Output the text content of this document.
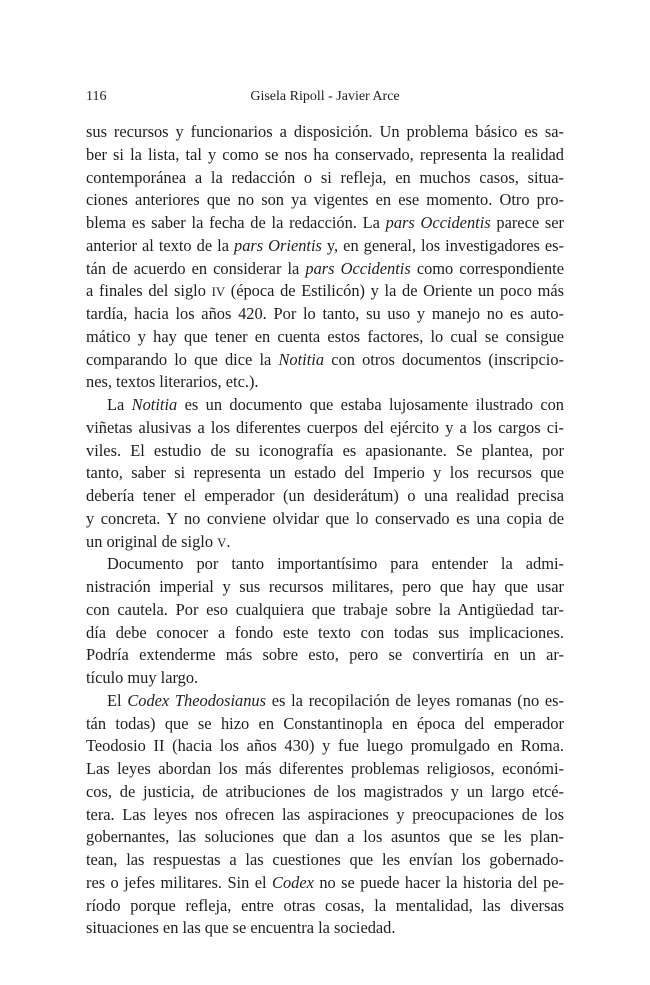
116	Gisela Ripoll - Javier Arce
sus recursos y funcionarios a disposición. Un problema básico es sa-
ber si la lista, tal y como se nos ha conservado, representa la realidad
contemporánea a la redacción o si refleja, en muchos casos, situa-
ciones anteriores que no son ya vigentes en ese momento. Otro pro-
blema es saber la fecha de la redacción. La pars Occidentis parece ser
anterior al texto de la pars Orientis y, en general, los investigadores es-
tán de acuerdo en considerar la pars Occidentis como correspondiente
a finales del siglo IV (época de Estilicón) y la de Oriente un poco más
tardía, hacia los años 420. Por lo tanto, su uso y manejo no es auto-
mático y hay que tener en cuenta estos factores, lo cual se consigue
comparando lo que dice la Notitia con otros documentos (inscripcio-
nes, textos literarios, etc.).
La Notitia es un documento que estaba lujosamente ilustrado con
viñetas alusivas a los diferentes cuerpos del ejército y a los cargos ci-
viles. El estudio de su iconografía es apasionante. Se plantea, por
tanto, saber si representa un estado del Imperio y los recursos que
debería tener el emperador (un desiderátum) o una realidad precisa
y concreta. Y no conviene olvidar que lo conservado es una copia de
un original de siglo V.
Documento por tanto importantísimo para entender la admi-
nistración imperial y sus recursos militares, pero que hay que usar
con cautela. Por eso cualquiera que trabaje sobre la Antigüedad tar-
día debe conocer a fondo este texto con todas sus implicaciones.
Podría extenderme más sobre esto, pero se convertiría en un ar-
tículo muy largo.
El Codex Theodosianus es la recopilación de leyes romanas (no es-
tán todas) que se hizo en Constantinopla en época del emperador
Teodosio II (hacia los años 430) y fue luego promulgado en Roma.
Las leyes abordan los más diferentes problemas religiosos, económi-
cos, de justicia, de atribuciones de los magistrados y un largo etcé-
tera. Las leyes nos ofrecen las aspiraciones y preocupaciones de los
gobernantes, las soluciones que dan a los asuntos que se les plan-
tean, las respuestas a las cuestiones que les envían los gobernado-
res o jefes militares. Sin el Codex no se puede hacer la historia del pe-
ríodo porque refleja, entre otras cosas, la mentalidad, las diversas
situaciones en las que se encuentra la sociedad.
